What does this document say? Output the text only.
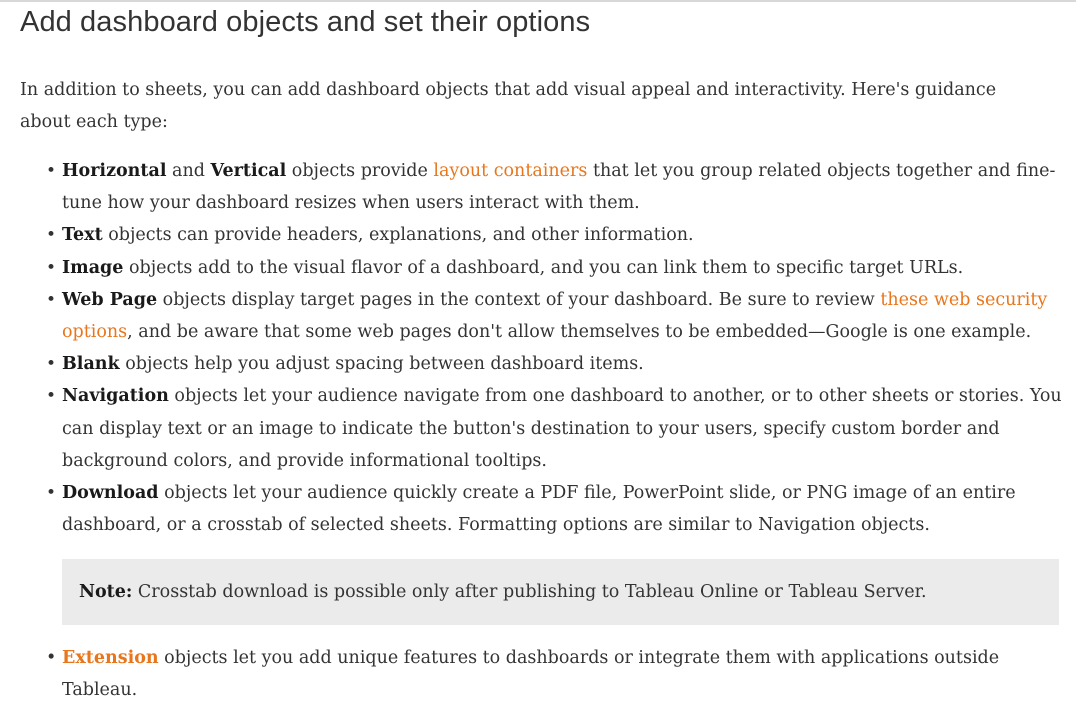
Add dashboard objects and set their options

In addition to sheets, you can add dashboard objects that add visual appeal and interactivity. Here's guidance about each type:

• Horizontal and Vertical objects provide layout containers that let you group related objects together and fine-tune how your dashboard resizes when users interact with them.
• Text objects can provide headers, explanations, and other information.
• Image objects add to the visual flavor of a dashboard, and you can link them to specific target URLs.
• Web Page objects display target pages in the context of your dashboard. Be sure to review these web security options, and be aware that some web pages don't allow themselves to be embedded—Google is one example.
• Blank objects help you adjust spacing between dashboard items.
• Navigation objects let your audience navigate from one dashboard to another, or to other sheets or stories. You can display text or an image to indicate the button's destination to your users, specify custom border and background colors, and provide informational tooltips.
• Download objects let your audience quickly create a PDF file, PowerPoint slide, or PNG image of an entire dashboard, or a crosstab of selected sheets. Formatting options are similar to Navigation objects.
Note: Crosstab download is possible only after publishing to Tableau Online or Tableau Server.
• Extension objects let you add unique features to dashboards or integrate them with applications outside Tableau.
